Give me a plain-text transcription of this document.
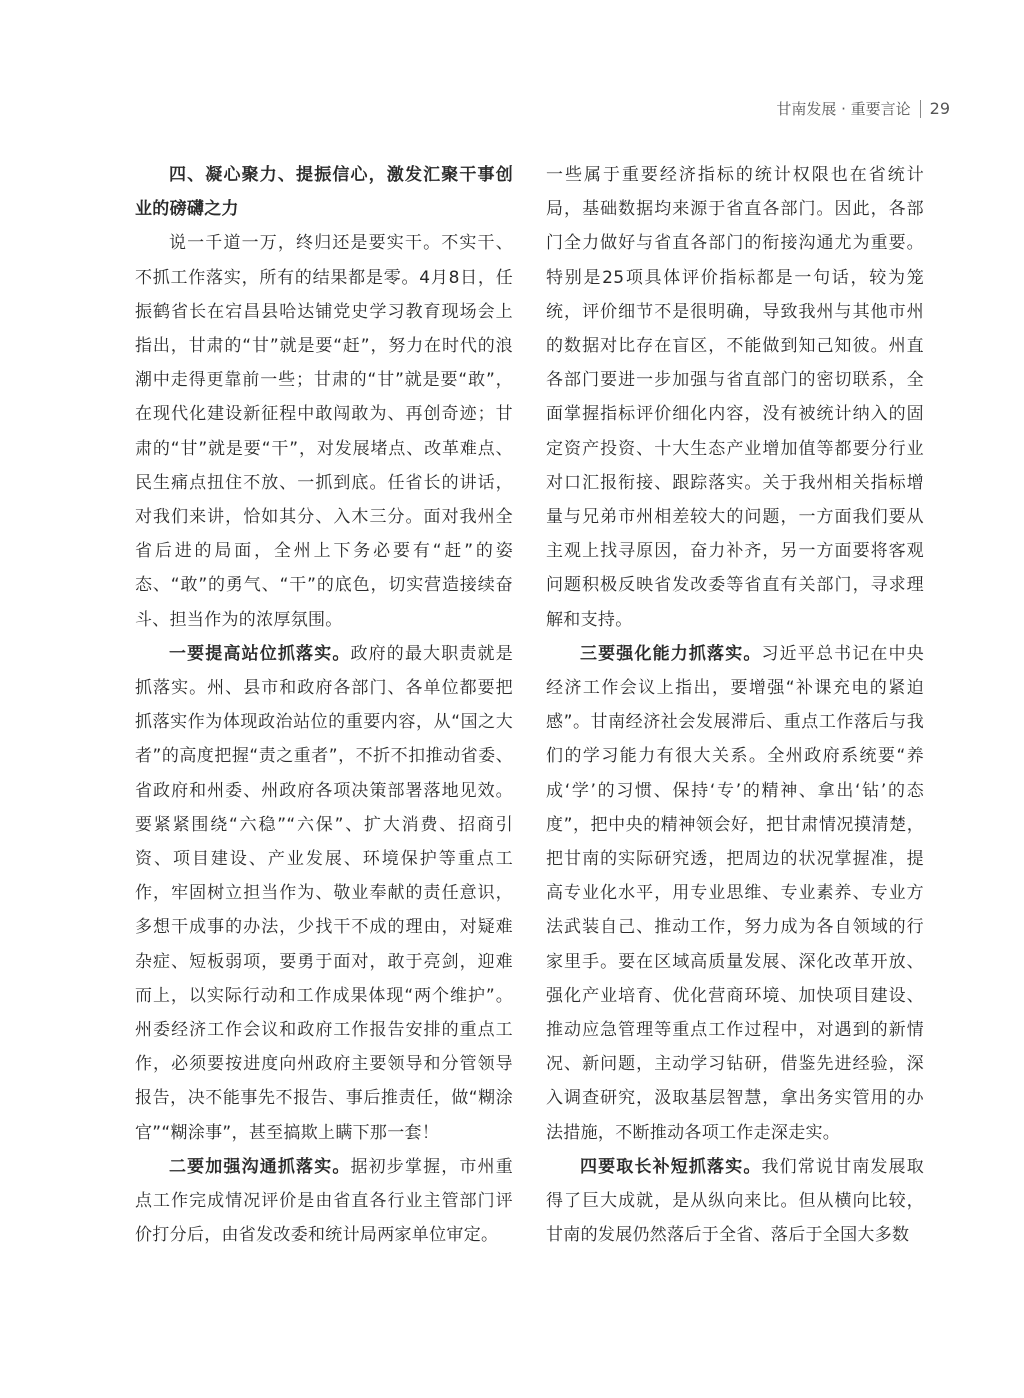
甘南发展 · 重要言论 29
四、凝心聚力、提振信心，激发汇聚干事创业的磅礴之力

说一千道一万，终归还是要实干。不实干、不抓工作落实，所有的结果都是零。4月8日，任振鹤省长在宕昌县哈达铺党史学习教育现场会上指出，甘肃的“甘”就是要“赶”，努力在时代的浪潮中走得更靠前一些；甘肃的“甘”就是要“敢”，在现代化建设新征程中敢闯敢为、再创奇迹；甘肃的“甘”就是要“干”，对发展堵点、改革难点、民生痛点扭住不放、一抓到底。任省长的讲话，对我们来讲，恰如其分、入木三分。面对我州全省后进的局面，全州上下务必要有“赶”的姿态、“敢”的勇气、“干”的底色，切实营造接续奋斗、担当作为的浓厚氛围。

一要提高站位抓落实。政府的最大职责就是抓落实。州、县市和政府各部门、各单位都要把抓落实作为体现政治站位的重要内容，从“国之大者”的高度把握“责之重者”，不折不扣推动省委、省政府和州委、州政府各项决策部署落地见效。要紧紧围绕“六稳”“六保”、扩大消费、招商引资、项目建设、产业发展、环境保护等重点工作，牢固树立担当作为、敬业奉献的责任意识，多想干成事的办法，少找干不成的理由，对疑难杂症、短板弱项，要勇于面对，敢于亮剑，迎难而上，以实际行动和工作成果体现“两个维护”。州委经济工作会议和政府工作报告安排的重点工作，必须要按进度向州政府主要领导和分管领导报告，决不能事先不报告、事后推责任，做“糊涂官”“糊涂事”，甚至搞欺上瞒下那一套！

二要加强沟通抓落实。据初步掌握，市州重点工作完成情况评价是由省直各行业主管部门评价打分后，由省发改委和统计局两家单位审定。

一些属于重要经济指标的统计权限也在省统计局，基础数据均来源于省直各部门。因此，各部门全力做好与省直各部门的衔接沟通尤为重要。特别是25项具体评价指标都是一句话，较为笼统，评价细节不是很明确，导致我州与其他市州的数据对比存在盲区，不能做到知己知彼。州直各部门要进一步加强与省直部门的密切联系，全面掌握指标评价细化内容，没有被统计纳入的固定资产投资、十大生态产业增加值等都要分行业对口汇报衔接、跟踪落实。关于我州相关指标增量与兄弟市州相差较大的问题，一方面我们要从主观上找寻原因，奋力补齐，另一方面要将客观问题积极反映省发改委等省直有关部门，寻求理解和支持。

三要强化能力抓落实。习近平总书记在中央经济工作会议上指出，要增强“补课充电的紧迫感”。甘南经济社会发展滞后、重点工作落后与我们的学习能力有很大关系。全州政府系统要“养成‘学’的习惯、保持‘专’的精神、拿出‘钻’的态度”，把中央的精神领会好，把甘肃情况摸清楚，把甘南的实际研究透，把周边的状况掌握准，提高专业化水平，用专业思维、专业素养、专业方法武装自己、推动工作，努力成为各自领域的行家里手。要在区域高质量发展、深化改革开放、强化产业培育、优化营商环境、加快项目建设、推动应急管理等重点工作过程中，对遇到的新情况、新问题，主动学习钻研，借鉴先进经验，深入调查研究，汲取基层智慧，拿出务实管用的办法措施，不断推动各项工作走深走实。

四要取长补短抓落实。我们常说甘南发展取得了巨大成就，是从纵向来比。但从横向比较，甘南的发展仍然落后于全省、落后于全国大多数
